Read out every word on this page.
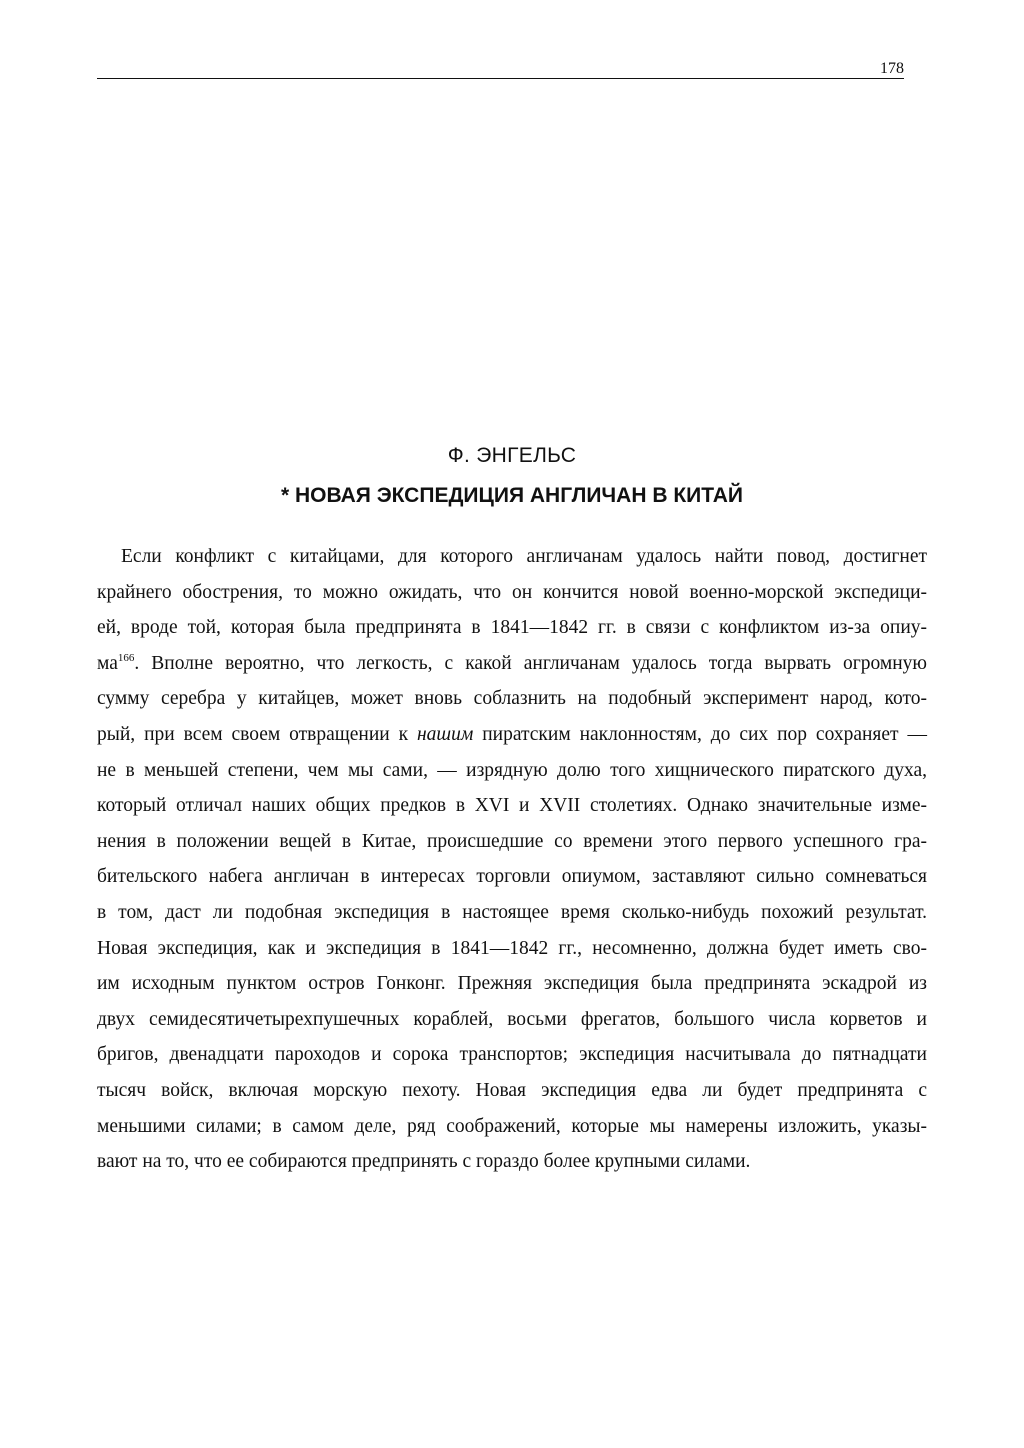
178
Ф. ЭНГЕЛЬС
* НОВАЯ ЭКСПЕДИЦИЯ АНГЛИЧАН В КИТАЙ
Если конфликт с китайцами, для которого англичанам удалось найти повод, достигнет
крайнего обострения, то можно ожидать, что он кончится новой военно-морской экспедици-
ей, вроде той, которая была предпринята в 1841—1842 гг. в связи с конфликтом из-за опиу-
$ма^{166}$. Вполне вероятно, что легкость, с какой англичанам удалось тогда вырвать огромную
сумму серебра у китайцев, может вновь соблазнить на подобный эксперимент народ, кото-
рый, при всем своем отвращении к нашим пиратским наклонностям, до сих пор сохраняет —
не в меньшей степени, чем мы сами, — изрядную долю того хищнического пиратского духа,
который отличал наших общих предков в XVI и XVII столетиях. Однако значительные изме-
нения в положении вещей в Китае, происшедшие со времени этого первого успешного гра-
бительского набега англичан в интересах торговли опиумом, заставляют сильно сомневаться
в том, даст ли подобная экспедиция в настоящее время сколько-нибудь похожий результат.
Новая экспедиция, как и экспедиция в 1841—1842 гг., несомненно, должна будет иметь сво-
им исходным пунктом остров Гонконг. Прежняя экспедиция была предпринята эскадрой из
двух семидесятичетырехпушечных кораблей, восьми фрегатов, большого числа корветов и
бригов, двенадцати пароходов и сорока транспортов; экспедиция насчитывала до пятнадцати
тысяч войск, включая морскую пехоту. Новая экспедиция едва ли будет предпринята с
меньшими силами; в самом деле, ряд соображений, которые мы намерены изложить, указы-
вают на то, что ее собираются предпринять с гораздо более крупными силами.
